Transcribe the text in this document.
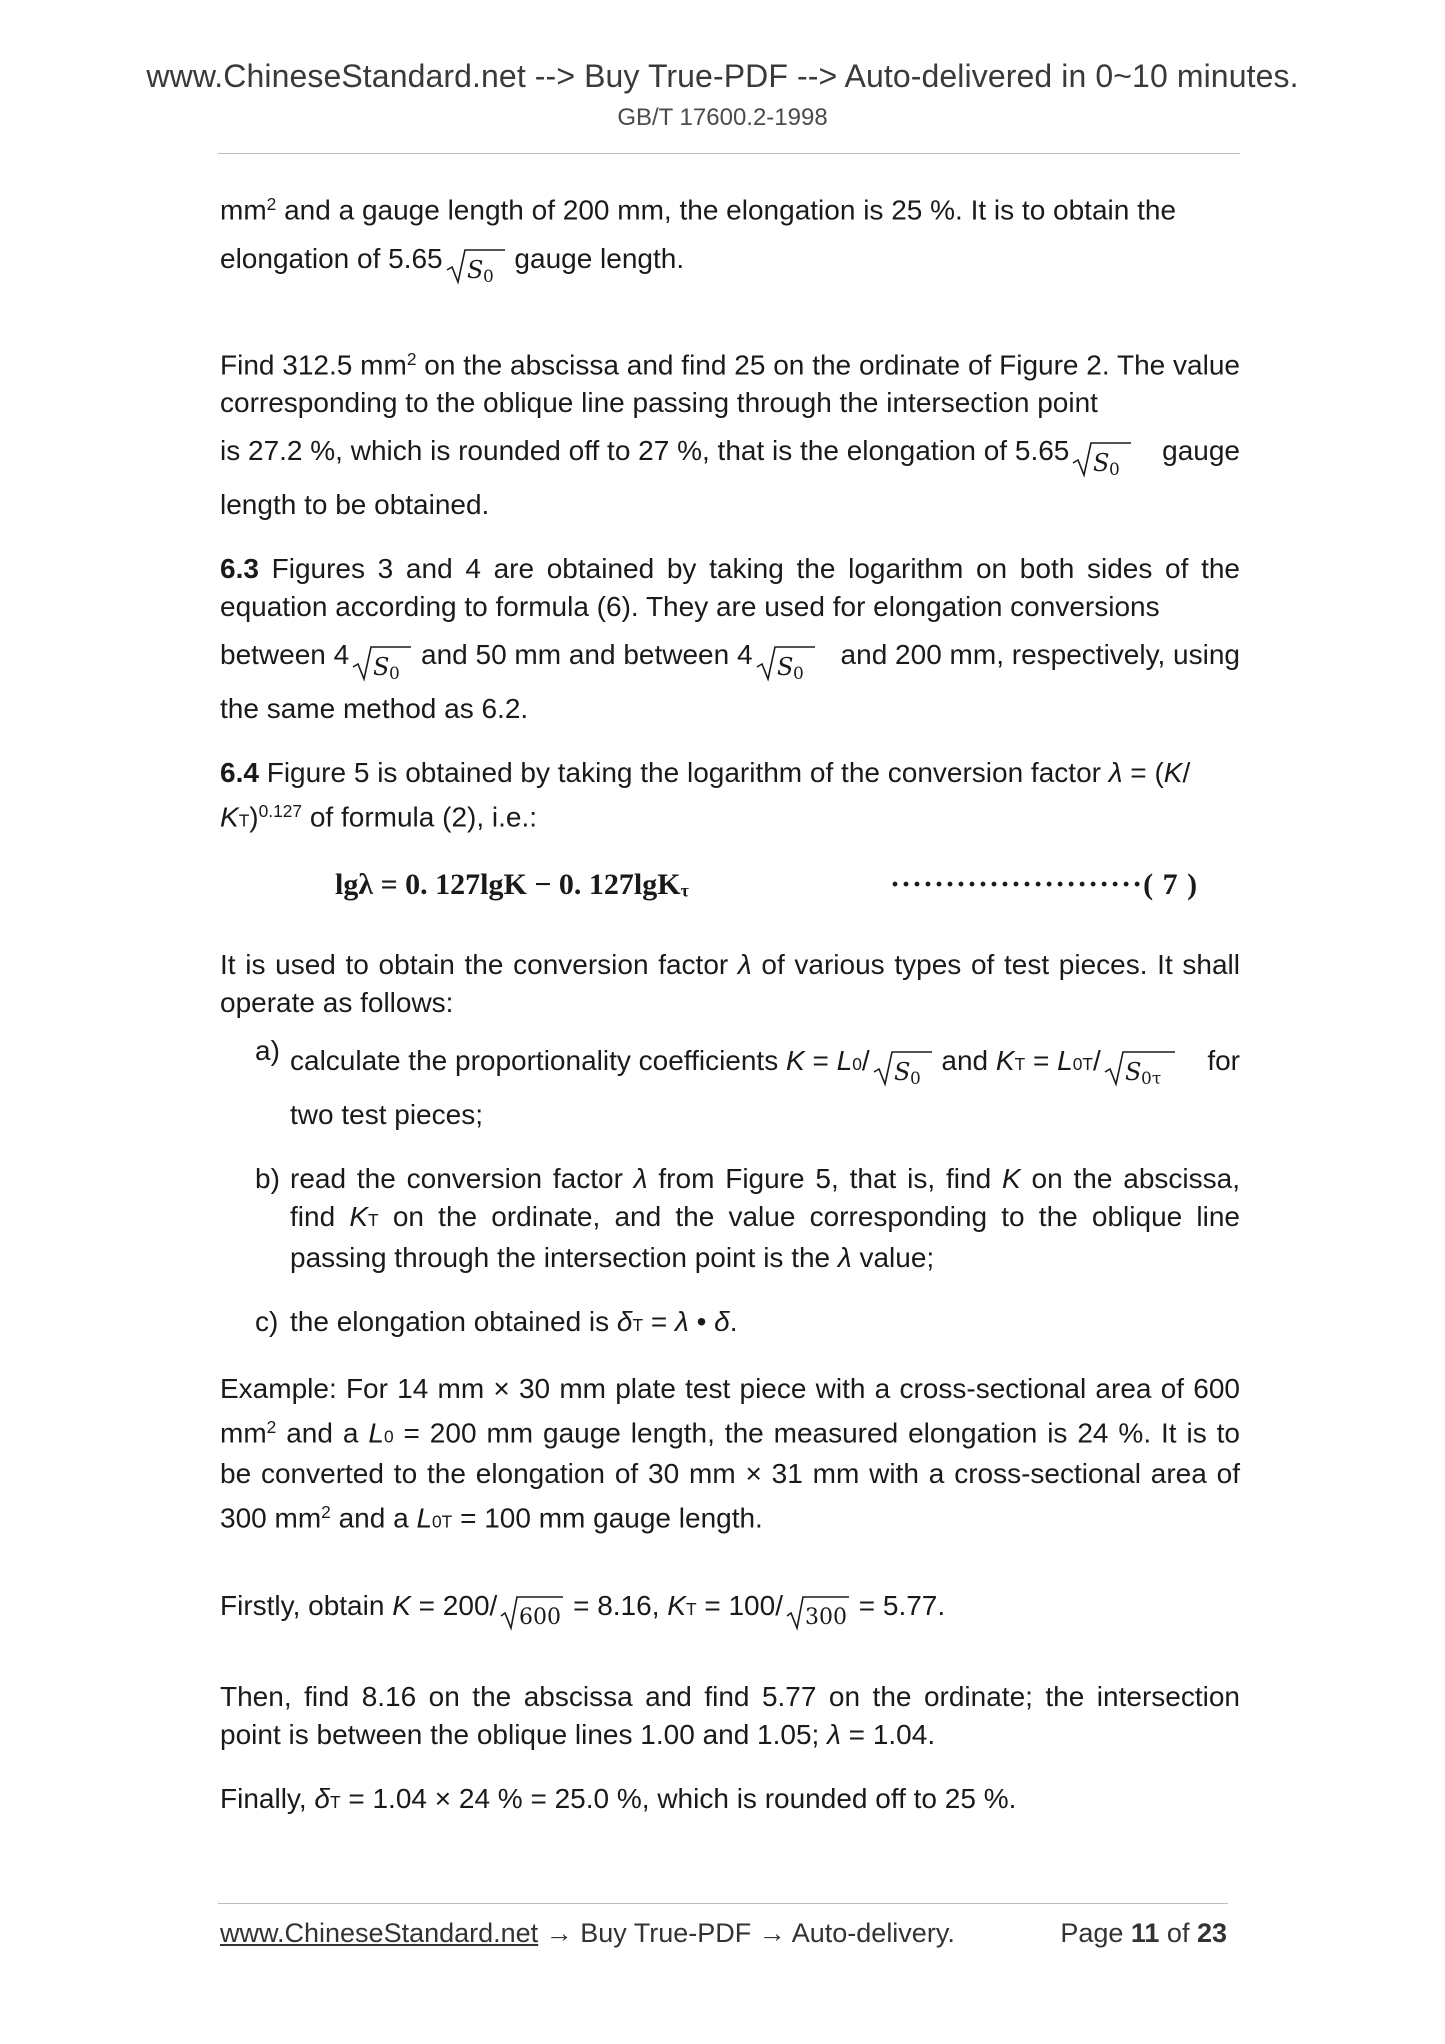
www.ChineseStandard.net --> Buy True-PDF --> Auto-delivered in 0~10 minutes.
GB/T 17600.2-1998

$mm^2$ and a gauge length of 200 mm, the elongation is 25 %. It is to obtain the

elongation of 5.65 S 0
gauge length.

Find 312.5 $mm^2$ on the abscissa and find 25 on the ordinate of Figure 2. The value corresponding to the oblique line passing through the intersection point

is 27.2 %, which is rounded off to 27 %, that is the elongation of 5.65 S 0
gauge

length to be obtained.

6.3 Figures 3 and 4 are obtained by taking the logarithm on both sides of the equation according to formula (6). They are used for elongation conversions

between 4 S 0
and 50 mm and between 4 S 0
and 200 mm, respectively, using

the same method as 6.2.

6.4 Figure 5 is obtained by taking the logarithm of the conversion factor λ = (K/
KT)$^{0.127}$ of formula (2), i.e.:

lgλ = 0. 127lgK − 0. 127lgKτ	·······················( 7 )

It is used to obtain the conversion factor λ of various types of test pieces. It shall operate as follows:

a) calculate the proportionality coefficients K = L0/ S 0
and KT = L0T/ S 0τ
for
two test pieces;
b) read the conversion factor λ from Figure 5, that is, find K on the abscissa, find KT on the ordinate, and the value corresponding to the oblique line passing through the intersection point is the λ value;
c) the elongation obtained is δT = λ • δ.

Example: For 14 mm × 30 mm plate test piece with a cross-sectional area of 600 $mm^2$ and a L0 = 200 mm gauge length, the measured elongation is 24 %. It is to be converted to the elongation of 30 mm × 31 mm with a cross-sectional area of 300 $mm^2$ and a L0T = 100 mm gauge length.

Firstly, obtain K = 200/ 600 = 8.16, KT = 100/ 300 = 5.77.

Then, find 8.16 on the abscissa and find 5.77 on the ordinate; the intersection point is between the oblique lines 1.00 and 1.05; λ = 1.04.

Finally, δT = 1.04 × 24 % = 25.0 %, which is rounded off to 25 %.

www.ChineseStandard.net → Buy True-PDF → Auto-delivery.	Page 11 of 23
